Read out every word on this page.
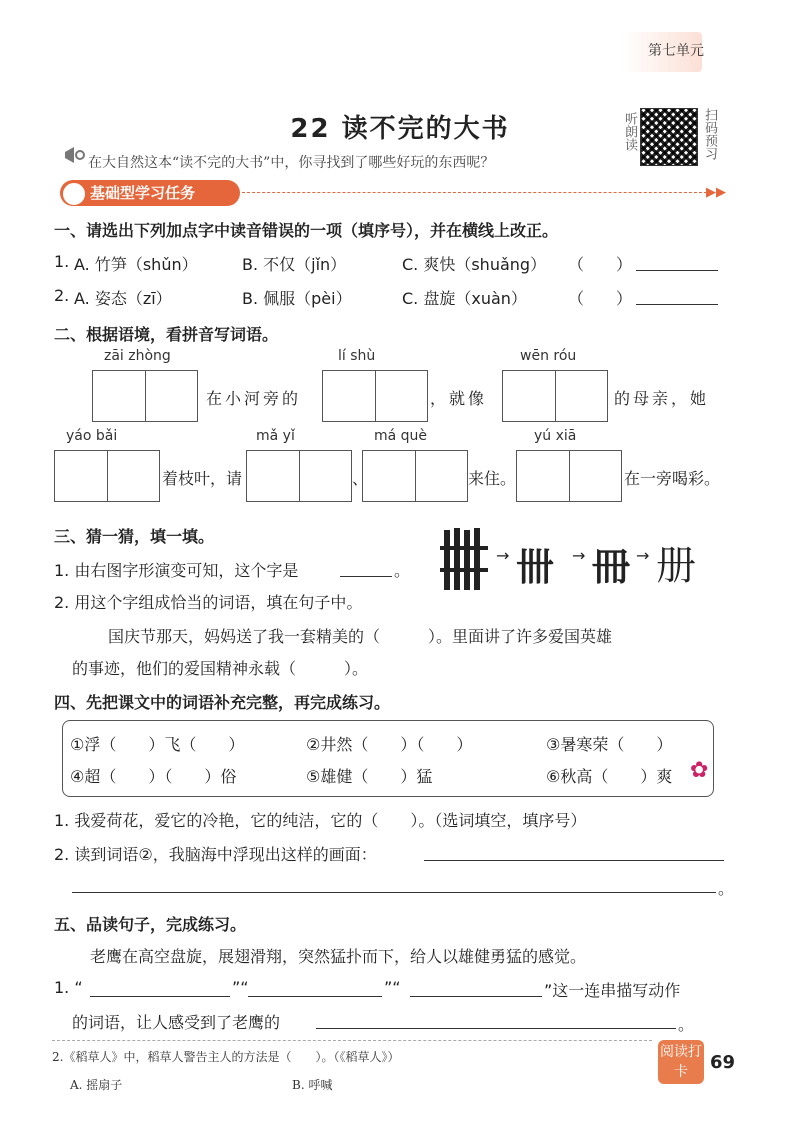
第七单元
22 读不完的大书	听朗读	扫码预习
在大自然这本“读不完的大书”中，你寻找到了哪些好玩的东西呢？
基础型学习任务	▶▶
一、请选出下列加点字中读音错误的一项（填序号），并在横线上改正。
1. A. 竹笋（shǔn）	B. 不仅（jǐn）	C. 爽快（shuǎng） （　　）
2. A. 姿态（zī）	B. 佩服（pèi）	C. 盘旋（xuàn）	（　　）
二、根据语境，看拼音写词语。
zāi zhòng	lí shù	wēn róu
在小河旁的	，就像	的母亲，她
yáo bǎi	mǎ yǐ	má què	yú xiā
着枝叶，请	、	来住。	在一旁喝彩。
三、猜一猜，填一填。
1. 由右图字形演变可知，这个字是	。
2. 用这个字组成恰当的词语，填在句子中。
国庆节那天，妈妈送了我一套精美的（　　　）。里面讲了许多爱国英雄
的事迹，他们的爱国精神永载（　　　）。
→ 卌 → 冊 → 册
四、先把课文中的词语补充完整，再完成练习。
①浮（　　）飞（　　）	②井然（　　）（　　）	③暑寒荣（　　）
④超（　　）（　　）俗	⑤雄健（　　）猛	⑥秋高（　　）爽 ✿
1. 我爱荷花，爱它的冷艳，它的纯洁，它的（　　）。（选词填空，填序号）
2. 读到词语②，我脑海中浮现出这样的画面：
。
五、品读句子，完成练习。
老鹰在高空盘旋，展翅滑翔，突然猛扑而下，给人以雄健勇猛的感觉。
1. “	”“	”“	”这一连串描写动作
的词语，让人感受到了老鹰的	。
2.《稻草人》中，稻草人警告主人的方法是（　　）。（《稻草人》）
A. 摇扇子	B. 呼喊
阅读打卡	69
